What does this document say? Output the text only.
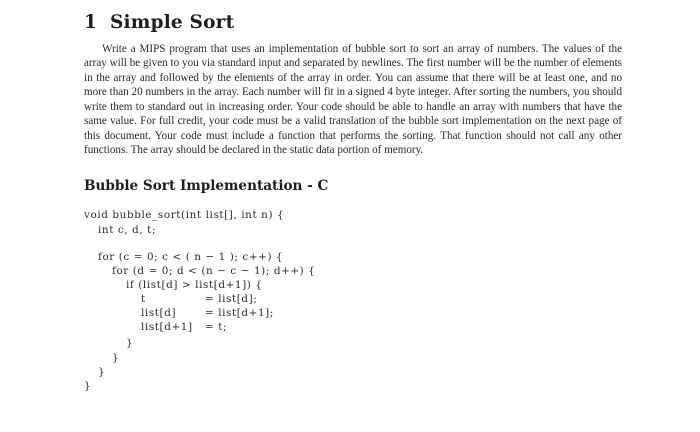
1 Simple Sort

Write a MIPS program that uses an implementation of bubble sort to sort an array of numbers. The values of the array will be given to you via standard input and separated by newlines. The first number will be the number of elements in the array and followed by the elements of the array in order. You can assume that there will be at least one, and no more than 20 numbers in the array. Each number will fit in a signed 4 byte integer. After sorting the numbers, you should write them to standard out in increasing order. Your code should be able to handle an array with numbers that have the same value. For full credit, your code must be a valid translation of the bubble sort implementation on the next page of this document. Your code must include a function that performs the sorting. That function should not call any other functions. The array should be declared in the static data portion of memory.

Bubble Sort Implementation - C
void bubble_sort(int list[], int n) {
int c, d, t;
for (c = 0; c < ( n − 1 ); c++) {
for (d = 0; d < (n − c − 1); d++) {
if (list[d] > list[d+1]) {
t	= list[d];
list[d]	= list[d+1];
list[d+1] = t;
}
}
}
}
